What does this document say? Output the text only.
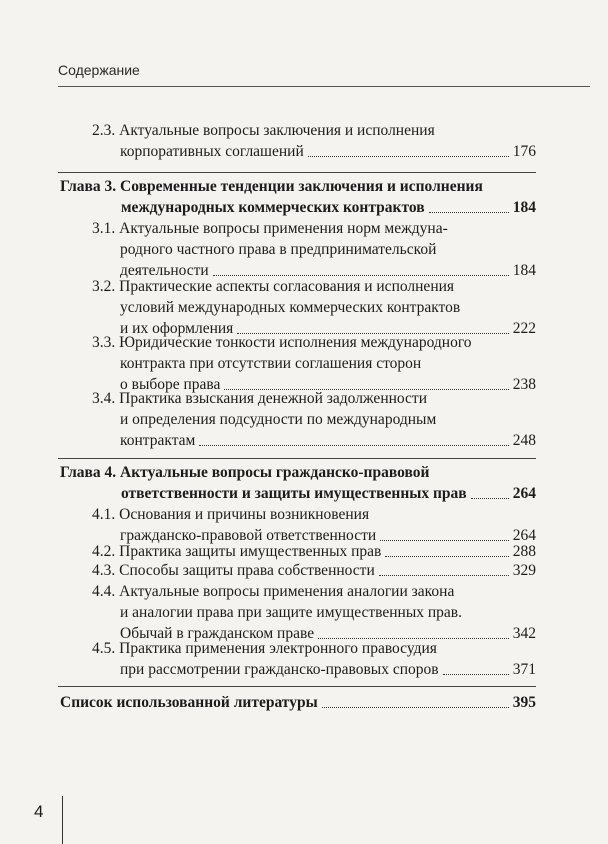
Содержание
2.3. Актуальные вопросы заключения и исполнения
корпоративных соглашений	176
Глава 3. Современные тенденции заключения и исполнения
международных коммерческих контрактов	184
3.1. Актуальные вопросы применения норм междуна-
родного частного права в предпринимательской
деятельности	184
3.2. Практические аспекты согласования и исполнения
условий международных коммерческих контрактов
и их оформления	222
3.3. Юридические тонкости исполнения международного
контракта при отсутствии соглашения сторон
о выборе права	238
3.4. Практика взыскания денежной задолженности
и определения подсудности по международным
контрактам	248
Глава 4. Актуальные вопросы гражданско-правовой
ответственности и защиты имущественных прав	264
4.1. Основания и причины возникновения
гражданско-правовой ответственности	264
4.2. Практика защиты имущественных прав	288
4.3. Способы защиты права собственности	329
4.4. Актуальные вопросы применения аналогии закона
и аналогии права при защите имущественных прав.
Обычай в гражданском праве	342
4.5. Практика применения электронного правосудия
при рассмотрении гражданско-правовых споров	371
Список использованной литературы	395
4
